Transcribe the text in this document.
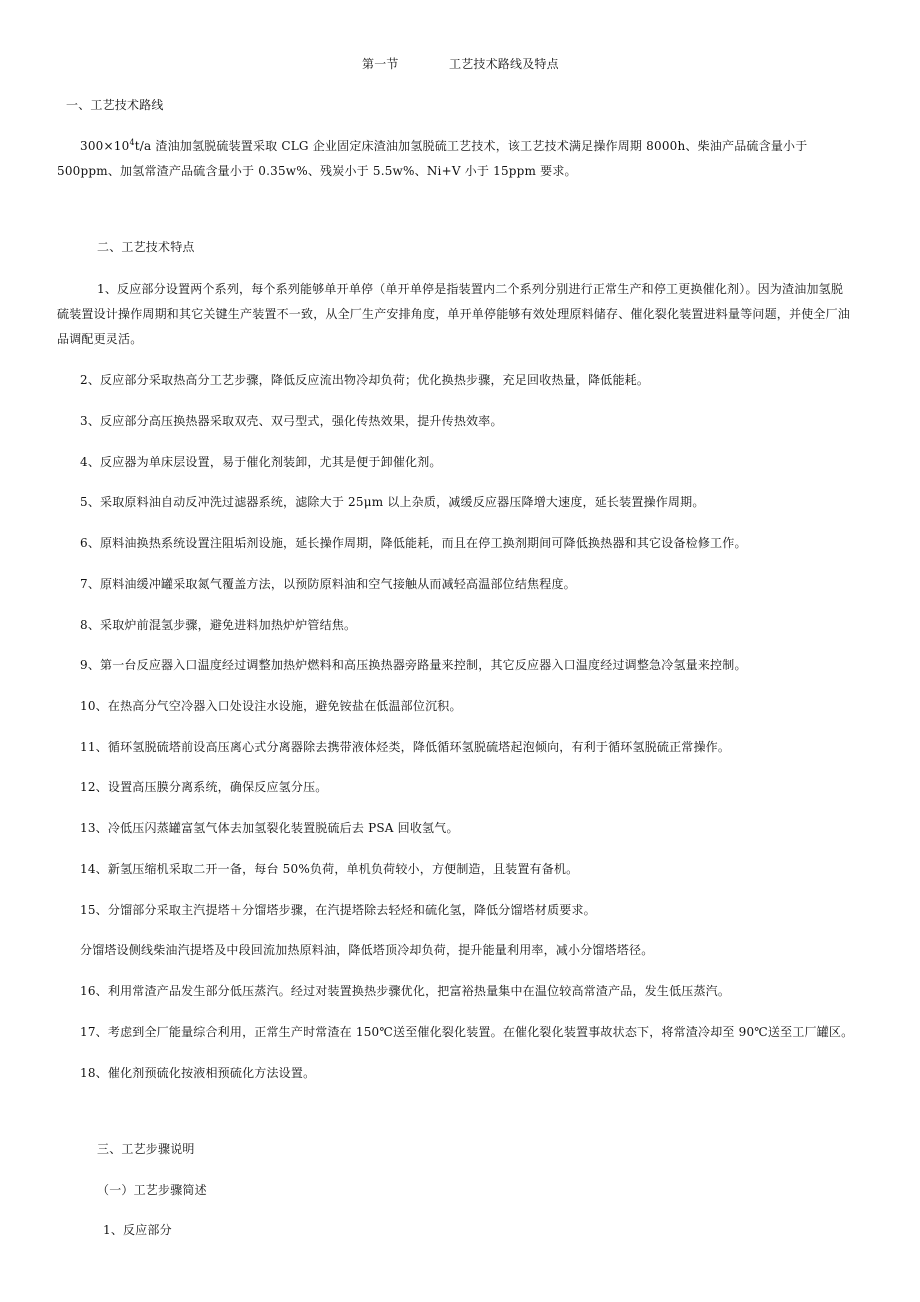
第一节	工艺技术路线及特点
一、工艺技术路线
$300\times 10^4t/a$ 渣油加氢脱硫装置采取 CLG 企业固定床渣油加氢脱硫工艺技术，该工艺技术满足操作周期 8000h、柴油产品硫含量小于
500ppm、加氢常渣产品硫含量小于 0.35w%、残炭小于 5.5w%、Ni+V 小于 15ppm 要求。
二、工艺技术特点
1、反应部分设置两个系列，每个系列能够单开单停（单开单停是指装置内二个系列分别进行正常生产和停工更换催化剂）。因为渣油加氢脱
硫装置设计操作周期和其它关键生产装置不一致，从全厂生产安排角度，单开单停能够有效处理原料储存、催化裂化装置进料量等问题，并使全厂油
品调配更灵活。
2、反应部分采取热高分工艺步骤，降低反应流出物冷却负荷；优化换热步骤，充足回收热量，降低能耗。
3、反应部分高压换热器采取双壳、双弓型式，强化传热效果，提升传热效率。
4、反应器为单床层设置，易于催化剂装卸，尤其是便于卸催化剂。
5、采取原料油自动反冲洗过滤器系统，滤除大于 25μm 以上杂质，减缓反应器压降增大速度，延长装置操作周期。
6、原料油换热系统设置注阻垢剂设施，延长操作周期，降低能耗，而且在停工换剂期间可降低换热器和其它设备检修工作。
7、原料油缓冲罐采取氮气覆盖方法，以预防原料油和空气接触从而减轻高温部位结焦程度。
8、采取炉前混氢步骤，避免进料加热炉炉管结焦。
9、第一台反应器入口温度经过调整加热炉燃料和高压换热器旁路量来控制，其它反应器入口温度经过调整急冷氢量来控制。
10、在热高分气空冷器入口处设注水设施，避免铵盐在低温部位沉积。
11、循环氢脱硫塔前设高压离心式分离器除去携带液体烃类，降低循环氢脱硫塔起泡倾向，有利于循环氢脱硫正常操作。
12、设置高压膜分离系统，确保反应氢分压。
13、冷低压闪蒸罐富氢气体去加氢裂化装置脱硫后去 PSA 回收氢气。
14、新氢压缩机采取二开一备，每台 50%负荷，单机负荷较小，方便制造，且装置有备机。
15、分馏部分采取主汽提塔＋分馏塔步骤，在汽提塔除去轻烃和硫化氢，降低分馏塔材质要求。
分馏塔设侧线柴油汽提塔及中段回流加热原料油，降低塔顶冷却负荷，提升能量利用率，减小分馏塔塔径。
16、利用常渣产品发生部分低压蒸汽。经过对装置换热步骤优化，把富裕热量集中在温位较高常渣产品，发生低压蒸汽。
17、考虑到全厂能量综合利用，正常生产时常渣在 150℃送至催化裂化装置。在催化裂化装置事故状态下，将常渣冷却至 90℃送至工厂罐区。
18、催化剂预硫化按液相预硫化方法设置。
三、工艺步骤说明
（一）工艺步骤简述
1、反应部分
